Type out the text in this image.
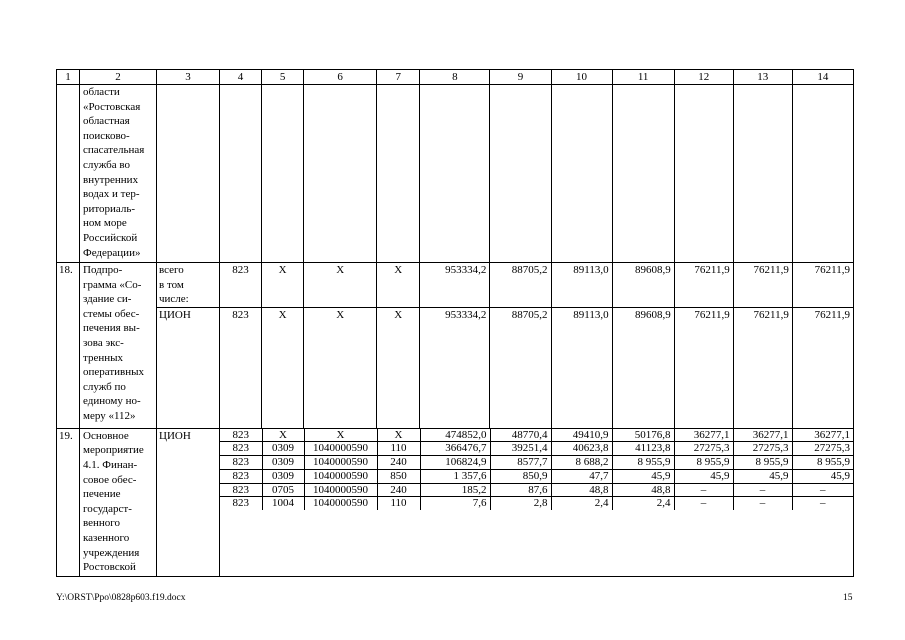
1	2	3	4	5	6	7	8	9	10	11	12	13	14
	области
«Ростовская
областная
поисково-
спасательная
служба во
внутренних
водах и тер-
риториаль-
ном море
Российской
Федерации»												
18.	Подпро-
грамма «Со-
здание си-
стемы обес-
печения вы-
зова экс-
тренных
оперативных
служб по
единому но-
меру «112»	всего
в том
числе:	823	Х	Х	Х	953334,2	88705,2	89113,0	89608,9	76211,9	76211,9	76211,9
ЦИОН	823	Х	Х	Х	953334,2	88705,2	89113,0	89608,9	76211,9	76211,9	76211,9
19.	Основное
мероприятие
4.1. Финан-
совое обес-
печение
государст-
венного
казенного
учреждения
Ростовской	ЦИОН		823	Х	Х	Х	474852,0	48770,4	49410,9	50176,8	36277,1	36277,1	36277,1
823	0309	1040000590	110	366476,7	39251,4	40623,8	41123,8	27275,3	27275,3	27275,3
823	0309	1040000590	240	106824,9	8577,7	8 688,2	8 955,9	8 955,9	8 955,9	8 955,9
823	0309	1040000590	850	1 357,6	850,9	47,7	45,9	45,9	45,9	45,9
823	0705	1040000590	240	185,2	87,6	48,8	48,8	–	–	–
823	1004	1040000590	110	7,6	2,8	2,4	2,4	–	–	–
Y:\ORST\Ppo\0828p603.f19.docx	15
